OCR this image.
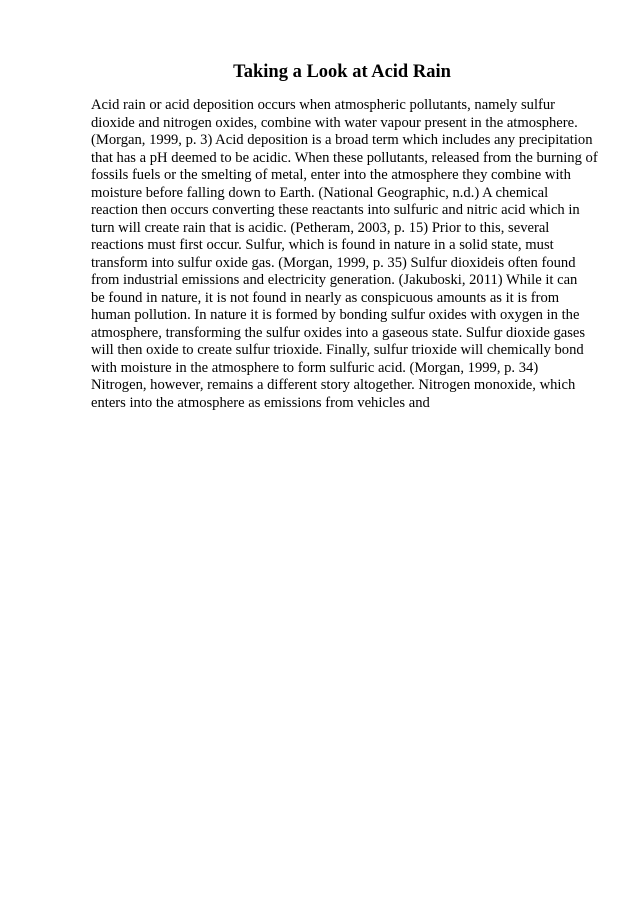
Taking a Look at Acid Rain
Acid rain or acid deposition occurs when atmospheric pollutants, namely sulfur
dioxide and nitrogen oxides, combine with water vapour present in the atmosphere.
(Morgan, 1999, p. 3) Acid deposition is a broad term which includes any precipitation
that has a pH deemed to be acidic. When these pollutants, released from the burning of
fossils fuels or the smelting of metal, enter into the atmosphere they combine with
moisture before falling down to Earth. (National Geographic, n.d.) A chemical
reaction then occurs converting these reactants into sulfuric and nitric acid which in
turn will create rain that is acidic. (Petheram, 2003, p. 15) Prior to this, several
reactions must first occur. Sulfur, which is found in nature in a solid state, must
transform into sulfur oxide gas. (Morgan, 1999, p. 35) Sulfur dioxideis often found
from industrial emissions and electricity generation. (Jakuboski, 2011) While it can
be found in nature, it is not found in nearly as conspicuous amounts as it is from
human pollution. In nature it is formed by bonding sulfur oxides with oxygen in the
atmosphere, transforming the sulfur oxides into a gaseous state. Sulfur dioxide gases
will then oxide to create sulfur trioxide. Finally, sulfur trioxide will chemically bond
with moisture in the atmosphere to form sulfuric acid. (Morgan, 1999, p. 34)
Nitrogen, however, remains a different story altogether. Nitrogen monoxide, which
enters into the atmosphere as emissions from vehicles and
